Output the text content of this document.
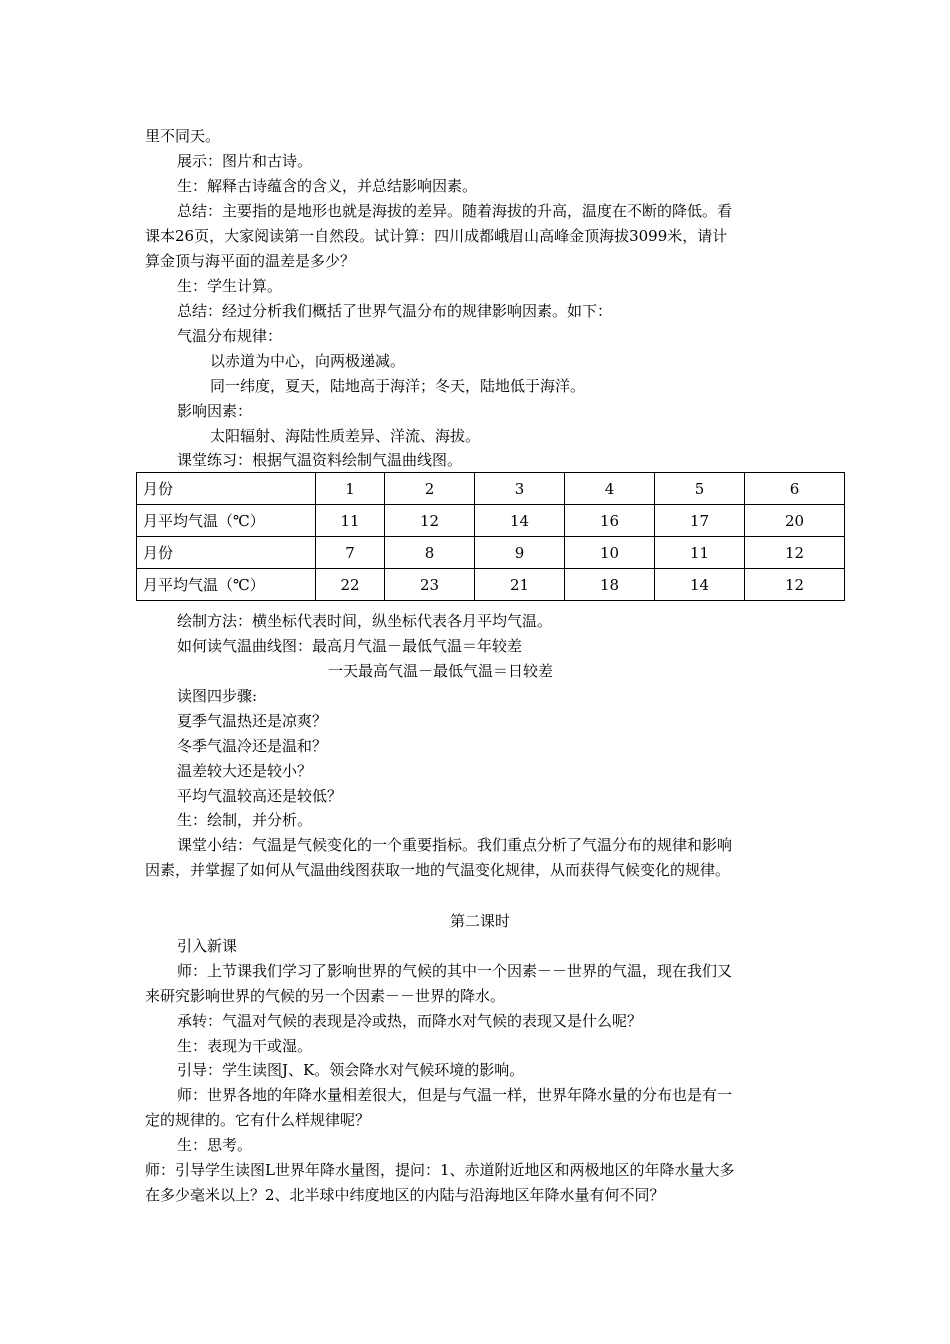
里不同天。
展示：图片和古诗。
生：解释古诗蕴含的含义，并总结影响因素。
总结：主要指的是地形也就是海拔的差异。随着海拔的升高，温度在不断的降低。看
课本26页，大家阅读第一自然段。试计算：四川成都峨眉山高峰金顶海拔3099米，请计
算金顶与海平面的温差是多少？
生：学生计算。
总结：经过分析我们概括了世界气温分布的规律影响因素。如下：
气温分布规律：
以赤道为中心，向两极递减。
同一纬度，夏天，陆地高于海洋；冬天，陆地低于海洋。
影响因素：
太阳辐射、海陆性质差异、洋流、海拔。
课堂练习：根据气温资料绘制气温曲线图。
月份	1	2	3	4	5	6
月平均气温（℃）	11	12	14	16	17	20
月份	7	8	9	10	11	12
月平均气温（℃）	22	23	21	18	14	12
绘制方法：横坐标代表时间，纵坐标代表各月平均气温。
如何读气温曲线图：最高月气温－最低气温＝年较差
一天最高气温－最低气温＝日较差
读图四步骤:
夏季气温热还是凉爽？
冬季气温冷还是温和？
温差较大还是较小？
平均气温较高还是较低？
生：绘制，并分析。
课堂小结：气温是气候变化的一个重要指标。我们重点分析了气温分布的规律和影响
因素，并掌握了如何从气温曲线图获取一地的气温变化规律，从而获得气候变化的规律。
第二课时
引入新课
师：上节课我们学习了影响世界的气候的其中一个因素－－世界的气温，现在我们又
来研究影响世界的气候的另一个因素－－世界的降水。
承转：气温对气候的表现是冷或热，而降水对气候的表现又是什么呢？
生：表现为干或湿。
引导：学生读图J、K。领会降水对气候环境的影响。
师：世界各地的年降水量相差很大，但是与气温一样，世界年降水量的分布也是有一
定的规律的。它有什么样规律呢？
生：思考。
师：引导学生读图L世界年降水量图，提问：1、赤道附近地区和两极地区的年降水量大多
在多少毫米以上？2、北半球中纬度地区的内陆与沿海地区年降水量有何不同？
